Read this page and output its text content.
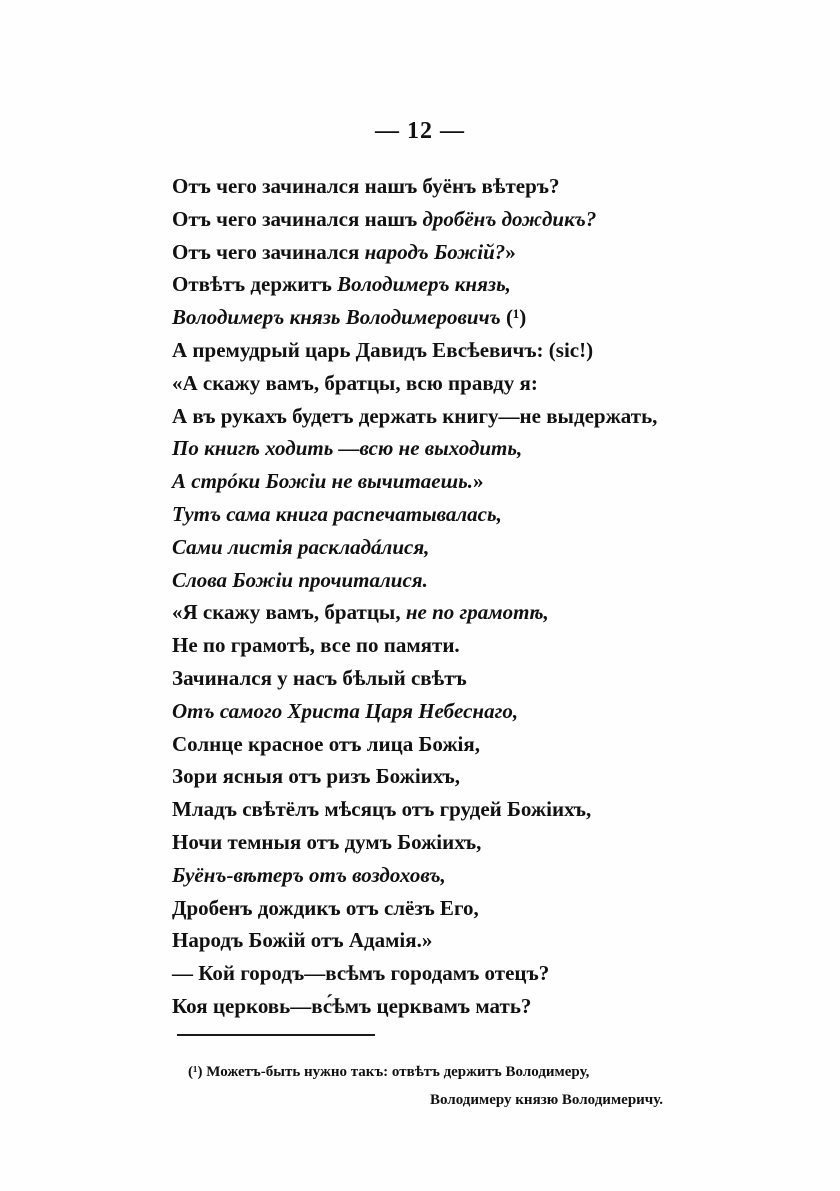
— 12 —
Отъ чего зачинался нашъ буёнъ вѣтеръ?
Отъ чего зачинался нашъ дробёнъ дождикъ?
Отъ чего зачинался народъ Божій?»
Отвѣтъ держитъ Володимеръ князь,
Володимеръ князь Володимеровичъ (¹)
А премудрый царь Давидъ Евсѣевичъ: (sic!)
«А скажу вамъ, братцы, всю правду я:
А въ рукахъ будетъ держать книгу—не выдержать,
По книгѣ ходить —всю не выходить,
А стрóки Божіи не вычитаешь.»
Тутъ сама книга распечатывалась,
Сами листія раскладáлися,
Слова Божіи прочиталися.
«Я скажу вамъ, братцы, не по грамотѣ,
Не по грамотѣ, все по памяти.
Зачинался у насъ бѣлый свѣтъ
Отъ самого Христа Царя Небеснаго,
Солнце красное отъ лица Божія,
Зори ясныя отъ ризъ Божіихъ,
Младъ свѣтёлъ мѣсяцъ отъ грудей Божіихъ,
Ночи темныя отъ думъ Божіихъ,
Буёнъ-вѣтеръ отъ воздоховъ,
Дробенъ дождикъ отъ слёзъ Его,
Народъ Божій отъ Адамія.»
— Кой городъ—всѣмъ городамъ отецъ?
Коя церковь—вс́ѣмъ церквамъ мать?
(¹) Можетъ-быть нужно такъ: отвѣтъ держитъ Володимеру,
Володимеру князю Володимеричу.
